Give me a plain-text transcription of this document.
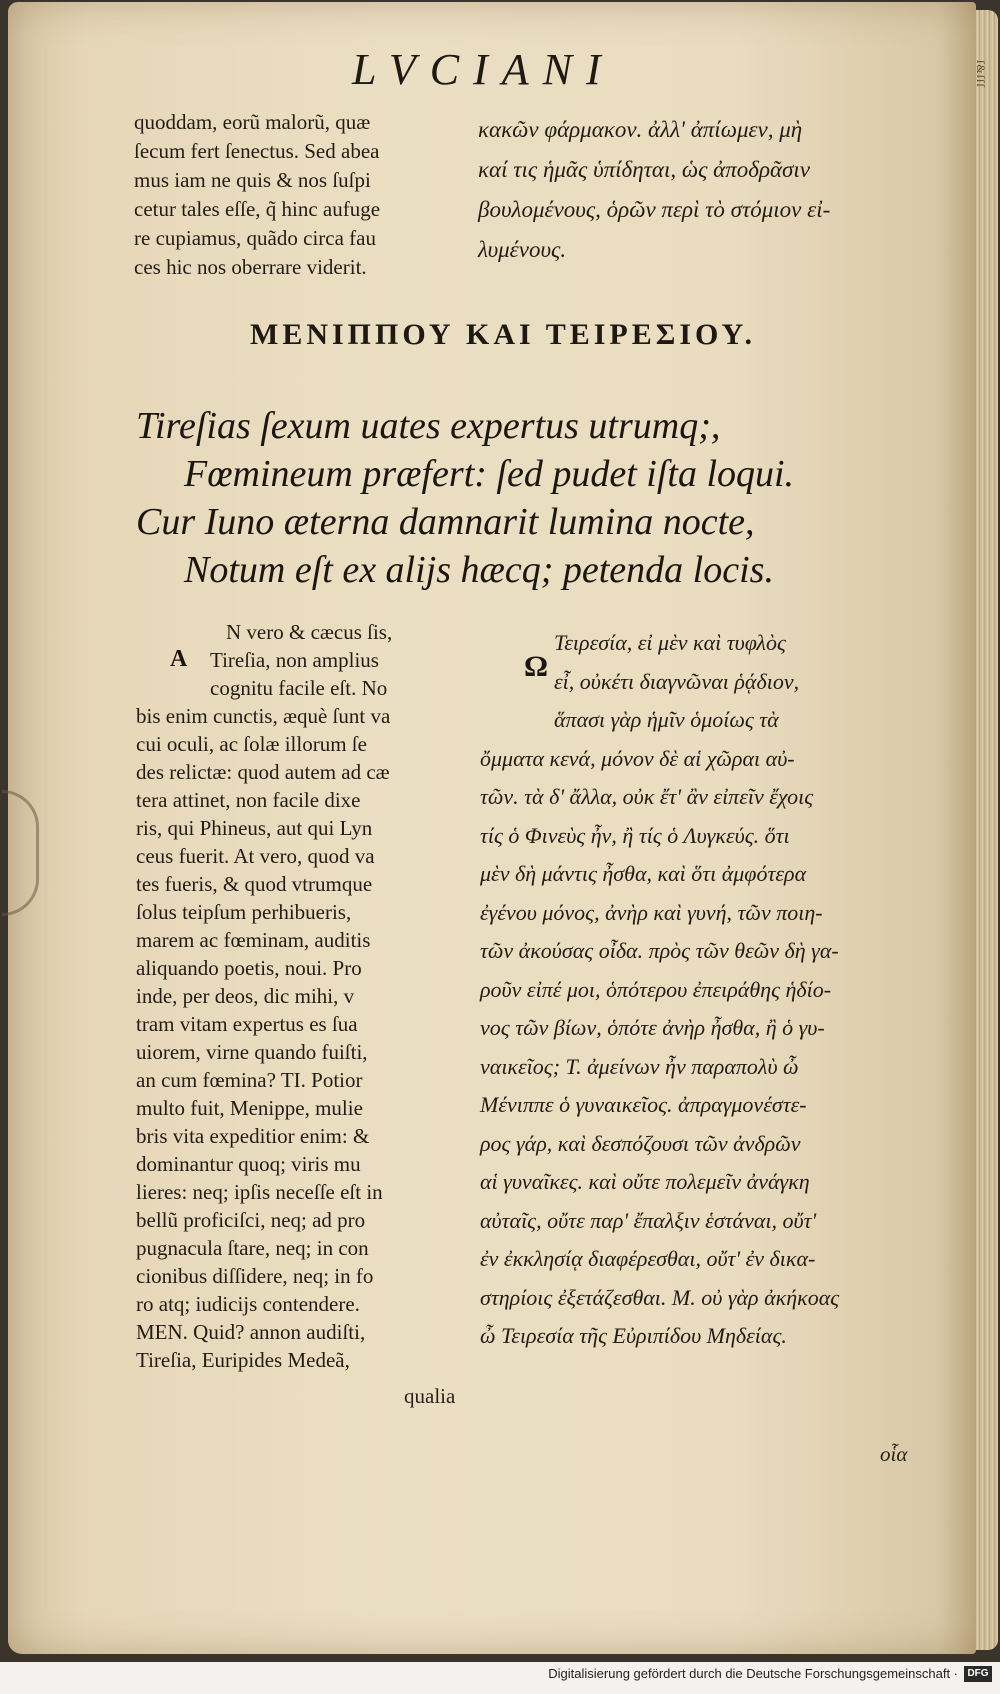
ſ & ſ ſ ſ
LVCIANI
quoddam, eorũ malorũ, quæ
ſecum fert ſenectus. Sed abea
mus iam ne quis & nos ſuſpi
cetur tales eſſe, q̃ hinc aufuge
re cupiamus, quãdo circa fau
ces hic nos oberrare viderit.
κακῶν φάρμακον. ἀλλ' ἀπίωμεν, μὴ
καί τις ἡμᾶς ὑπίδηται, ὡς ἀποδρᾶσιν
βουλομένους, ὁρῶν περὶ τὸ στόμιον εἰ-
λυμένους.
ΜΕΝΙΠΠΟΥ ΚΑΙ ΤΕΙΡΕΣΙΟΥ.
Tireſias ſexum uates expertus utrumq;,
Fœmineum præfert: ſed pudet iſta loqui.
Cur Iuno æterna damnarit lumina nocte,
Notum eſt ex alijs hæcq; petenda locis.
A
N vero & cæcus ſis,
Tireſia, non amplius
cognitu facile eſt. No
bis enim cunctis, æquè ſunt va
cui oculi, ac ſolæ illorum ſe
des relictæ: quod autem ad cæ
tera attinet, non facile dixe
ris, qui Phineus, aut qui Lyn
ceus fuerit. At vero, quod va
tes fueris, & quod vtrumque
ſolus teipſum perhibueris,
marem ac fœminam, auditis
aliquando poetis, noui. Pro
inde, per deos, dic mihi, v
tram vitam expertus es ſua
uiorem, virne quando fuiſti,
an cum fœmina? TI. Potior
multo fuit, Menippe, mulie
bris vita expeditior enim: &
dominantur quoq; viris mu
lieres: neq; ipſis neceſſe eſt in
bellũ proficiſci, neq; ad pro
pugnacula ſtare, neq; in con
cionibus diſſidere, neq; in fo
ro atq; iudicijs contendere.
MEN. Quid? annon audiſti,
Tireſia, Euripides Medeã,
qualia
Ω
Τειρεσία, εἰ μὲν καὶ τυφλὸς
εἶ, οὐκέτι διαγνῶναι ῥᾴδιον,
ἅπασι γὰρ ἡμῖν ὁμοίως τὰ
ὄμματα κενά, μόνον δὲ αἱ χῶραι αὐ-
τῶν. τὰ δ' ἄλλα, οὐκ ἔτ' ἂν εἰπεῖν ἔχοις
τίς ὁ Φινεὺς ἦν, ἢ τίς ὁ Λυγκεύς. ὅτι
μὲν δὴ μάντις ἦσθα, καὶ ὅτι ἀμφότερα
ἐγένου μόνος, ἀνὴρ καὶ γυνή, τῶν ποιη-
τῶν ἀκούσας οἶδα. πρὸς τῶν θεῶν δὴ γα-
ροῦν εἰπέ μοι, ὁπότερου ἐπειράθης ἡδίο-
νος τῶν βίων, ὁπότε ἀνὴρ ἦσθα, ἢ ὁ γυ-
ναικεῖος; Τ. ἀμείνων ἦν παραπολὺ ὦ
Μένιππε ὁ γυναικεῖος. ἀπραγμονέστε-
ρος γάρ, καὶ δεσπόζουσι τῶν ἀνδρῶν
αἱ γυναῖκες. καὶ οὔτε πολεμεῖν ἀνάγκη
αὐταῖς, οὔτε παρ' ἔπαλξιν ἑστάναι, οὔτ'
ἐν ἐκκλησίᾳ διαφέρεσθαι, οὔτ' ἐν δικα-
στηρίοις ἐξετάζεσθαι. Μ. οὐ γὰρ ἀκήκοας
ὦ Τειρεσία τῆς Εὐριπίδου Μηδείας.
οἷα
Digitalisierung gefördert durch die Deutsche Forschungsgemeinschaft · DFG
